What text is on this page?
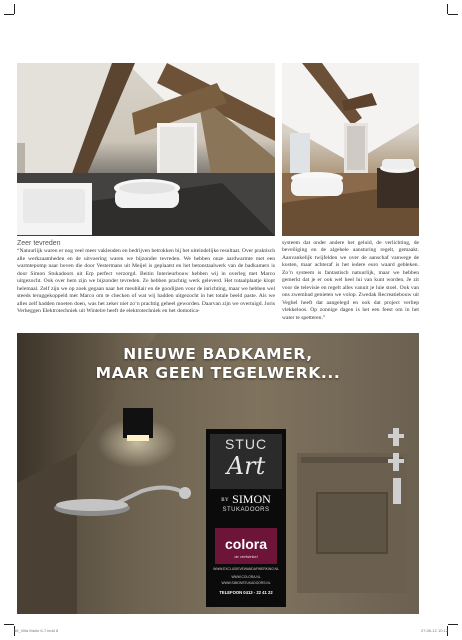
Zeer tevreden
“Natuurlijk waren er nog veel meer vakleuden en bedrijven betrokken bij het uiteindelijke resultaat. Over praktisch alle werkzaamheden en de uitvoering waren we bijzonder tevreden. We hebben onze aardwarmte met een warmtepomp naar boven die door Vestermans uit Meijel is geplaatst en het betonstaalwerk van de badkamers is door Simon Stukadoors uit Erp perfect verzorgd. Beitin Interieurbouw hebben wij in overleg met Marco uitgezocht. Ook over hem zijn we bijzonder tevreden. Ze hebben prachtig werk geleverd. Het totaalplaatje klopt helemaal. Zelf zijn we op zoek gegaan naar het meubilair en de goodijzen voor de inrichting, maar we hebben wel steeds teruggekoppeld met Marco om te checken of wat wij hadden uitgezocht in het totale beeld paste. Als we alles zelf hadden moeten doen, was het zeker niet zo’n prachtig geheel geworden. Daarvan zijn we overtuigd. Joris Verheggen Elektrotechniek uit Wintelre heeft de elektrotechniek en het domotica-
systeem dat onder andere het geluid, de verlichting, de beveiliging en de algehele aansturing regelt, gemaakt. Aanvankelijk twijfelden we over de aanschaf vanwege de kosten, maar achteraf is het iedere euro waard gebleken. Zo’n systeem is fantastisch natuurlijk, maar we hebben gemerkt dat je er ook wel heel lui van kunt worden. Je zit voor de televisie en regelt alles vanuit je luie stoel. Ook van ons zwembad genieten we volop. Zwedak Recreatiebouw uit Veghel heeft dat aangelegd en ook dat project verliep vlekkeloos. Op zonnige dagen is het een feest om in het water te spetteren.”
NIEUWE BADKAMER,
MAAR GEEN TEGELWERK...
STUC
Art
BY SIMON
STUKADOORS
colora
de verfwinkel
WWW.EXCLUSIEVEWANDAFWERKING.NL
WWW.COLORA.NL
WWW.SIMONSTUKADOORS.NL
TELEFOON 0413 - 22 41 22
56_Villa Marlo 6-7.indd 8	27-06-12 10:12
